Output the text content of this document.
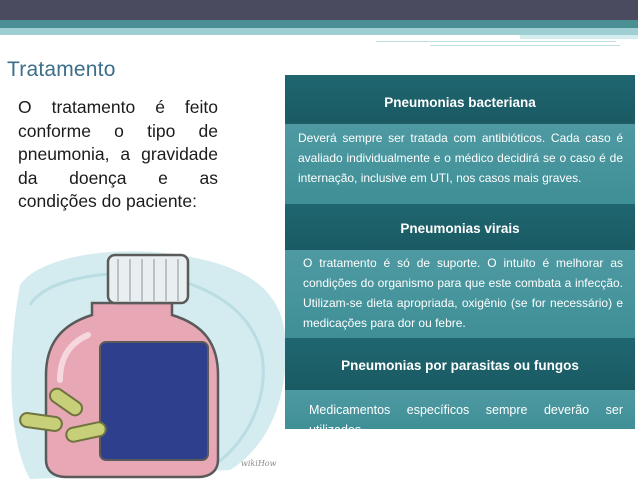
Tratamento
O tratamento é feito conforme o tipo de pneumonia, a gravidade da doença e as condições do paciente:
wikiHow
Pneumonias bacteriana

Deverá sempre ser tratada com antibióticos. Cada caso é avaliado individualmente e o médico decidirá se o caso é de internação, inclusive em UTI, nos casos mais graves.

Pneumonias virais

O tratamento é só de suporte. O intuito é melhorar as condições do organismo para que este combata a infecção. Utilizam-se dieta apropriada, oxigênio (se for necessário) e medicações para dor ou febre.

Pneumonias por parasitas ou fungos

Medicamentos específicos sempre deverão ser utilizados.
